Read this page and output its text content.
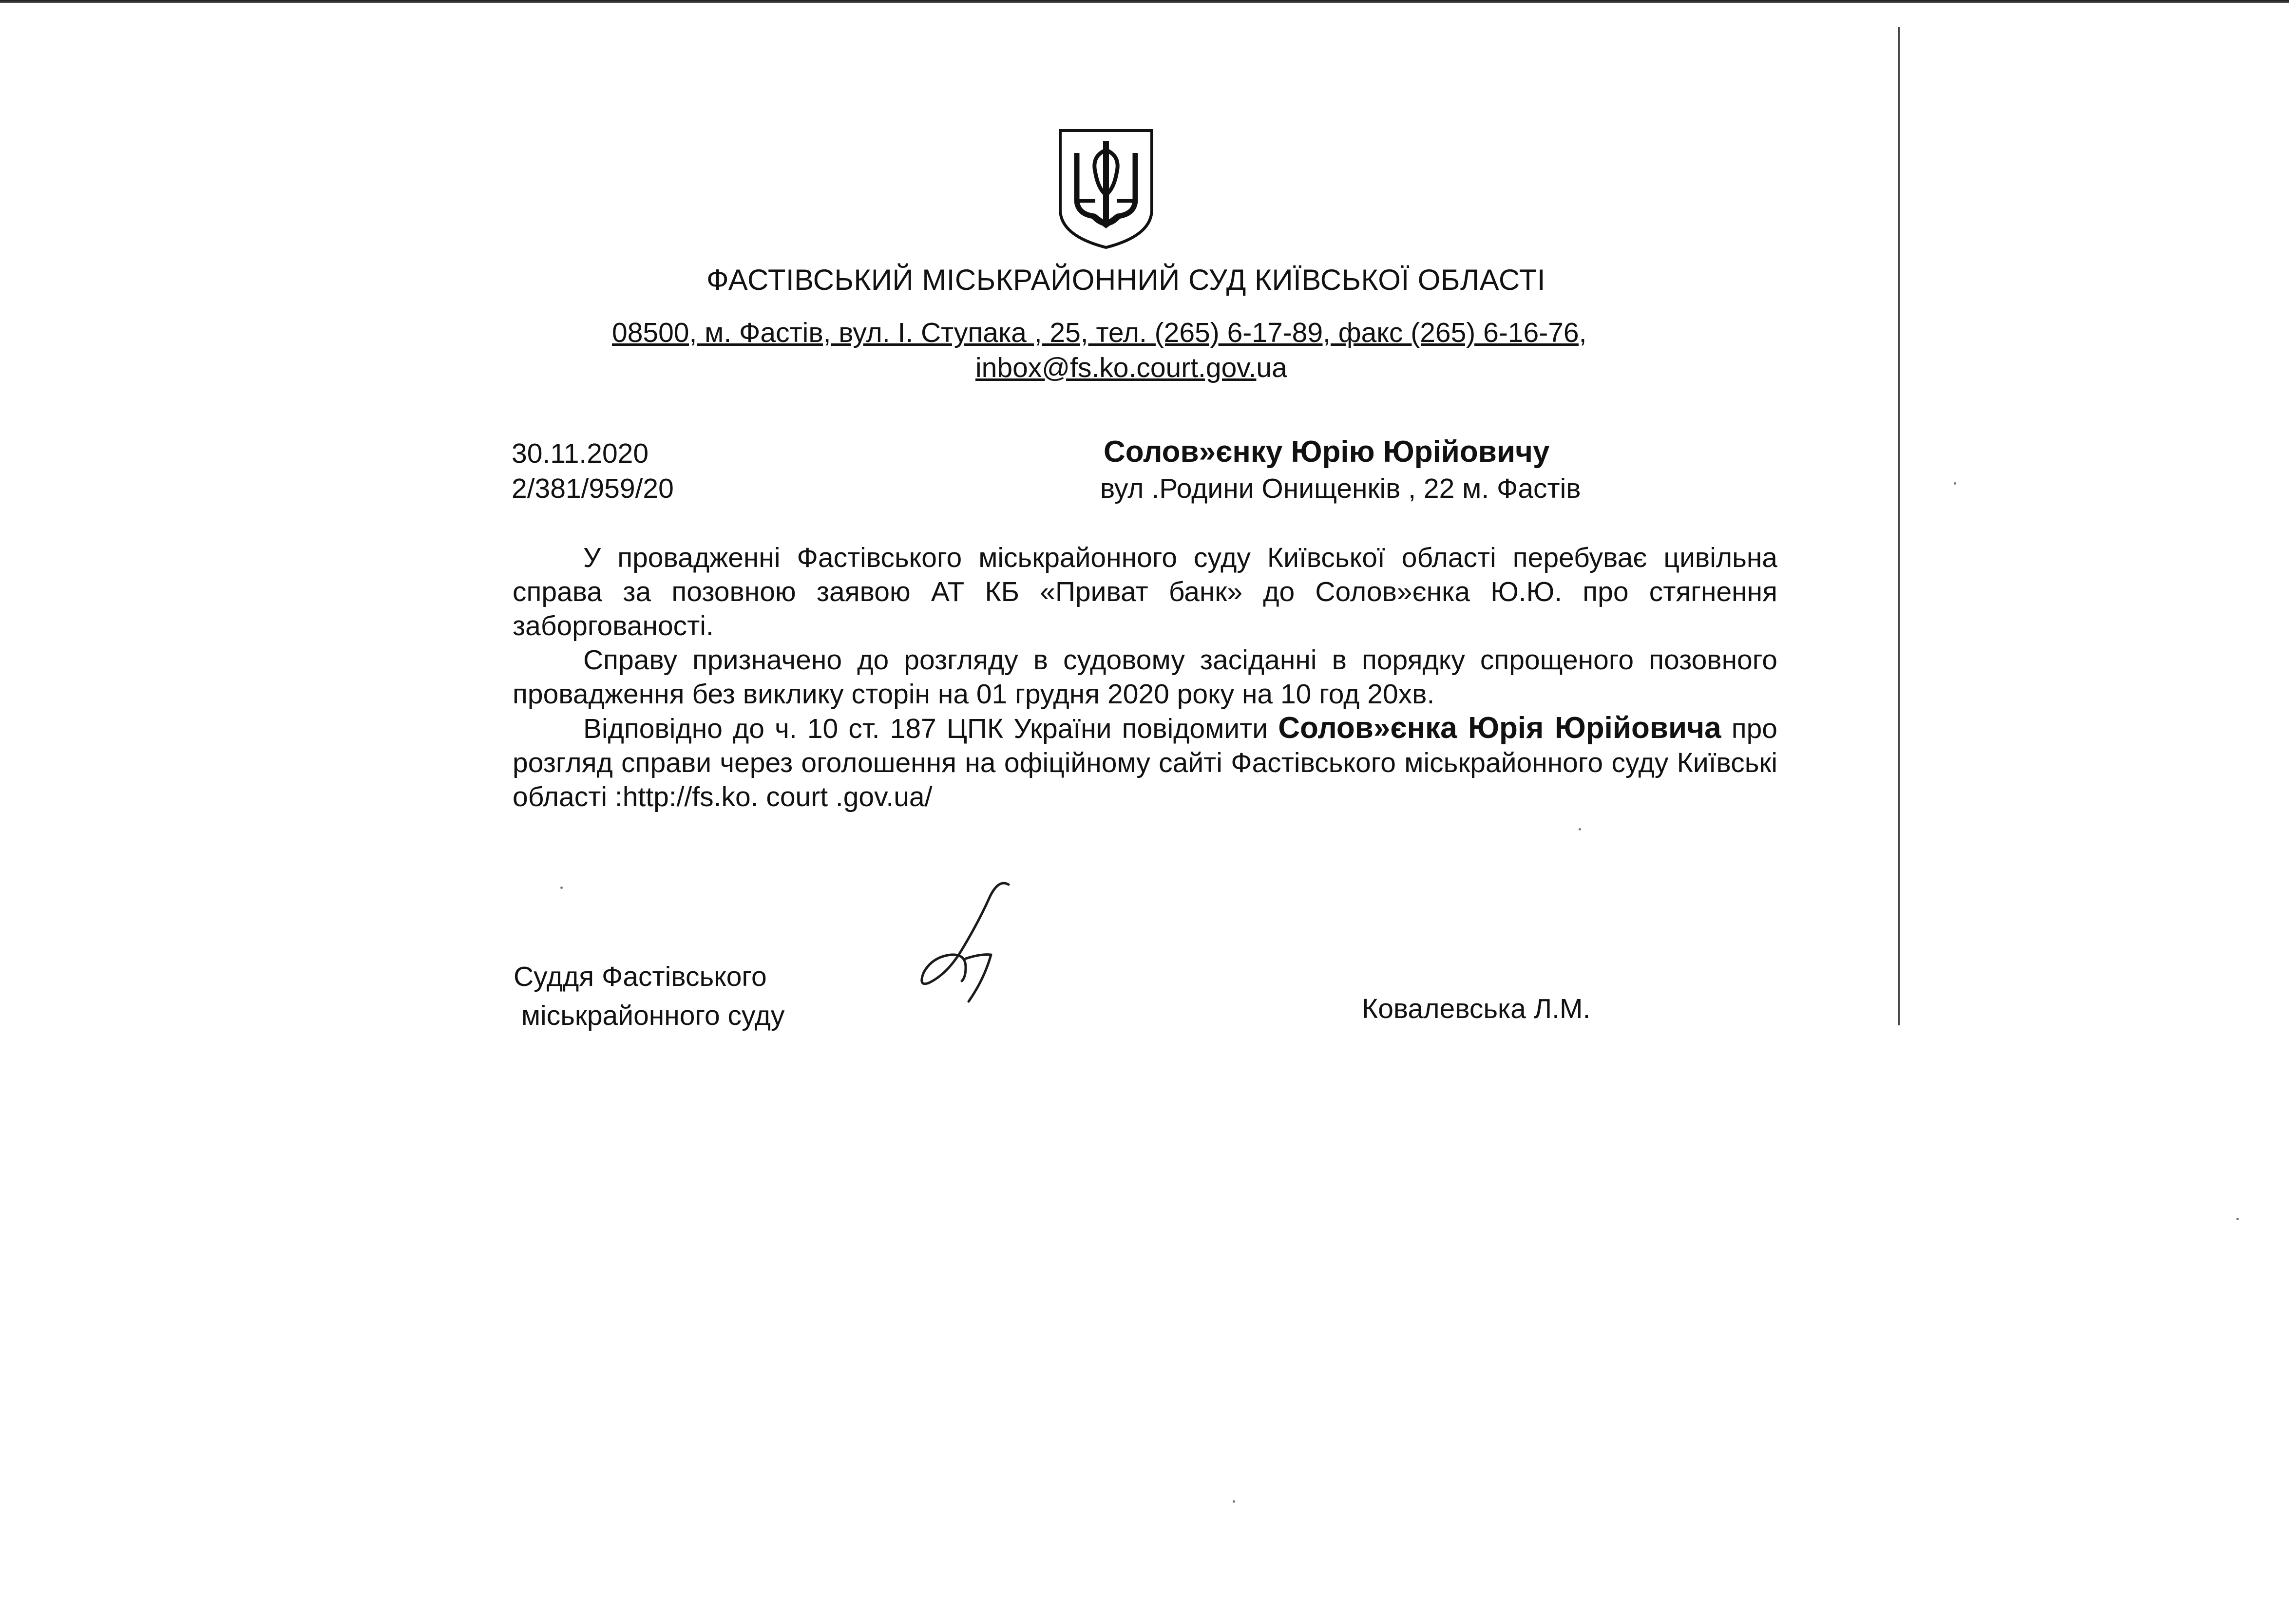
ФАСТІВСЬКИЙ МІСЬКРАЙОННИЙ СУД КИЇВСЬКОЇ ОБЛАСТІ
08500, м. Фастів, вул. І. Ступака , 25, тел. (265) 6-17-89, факс (265) 6-16-76,
inbox@fs.ko.court.gov.ua
30.11.2020
2/381/959/20
Солов»єнку Юрію Юрійовичу
вул .Родини Онищенків , 22 м. Фастів

У провадженні Фастівського міськрайонного суду Київської області перебуває цивільна справа за позовною заявою АТ КБ «Приват банк» до Солов»єнка Ю.Ю. про стягнення заборгованості.

Справу призначено до розгляду в судовому засіданні в порядку спрощеного позовного провадження без виклику сторін на 01 грудня 2020 року на 10 год 20хв.

Відповідно до ч. 10 ст. 187 ЦПК України повідомити Солов»єнка Юрія Юрійовича про розгляд справи через оголошення на офіційному сайті Фастівського міськрайонного суду Київські області :http://fs.ko. court .gov.ua/

Суддя Фастівського
міськрайонного суду	Ковалевська Л.М.
